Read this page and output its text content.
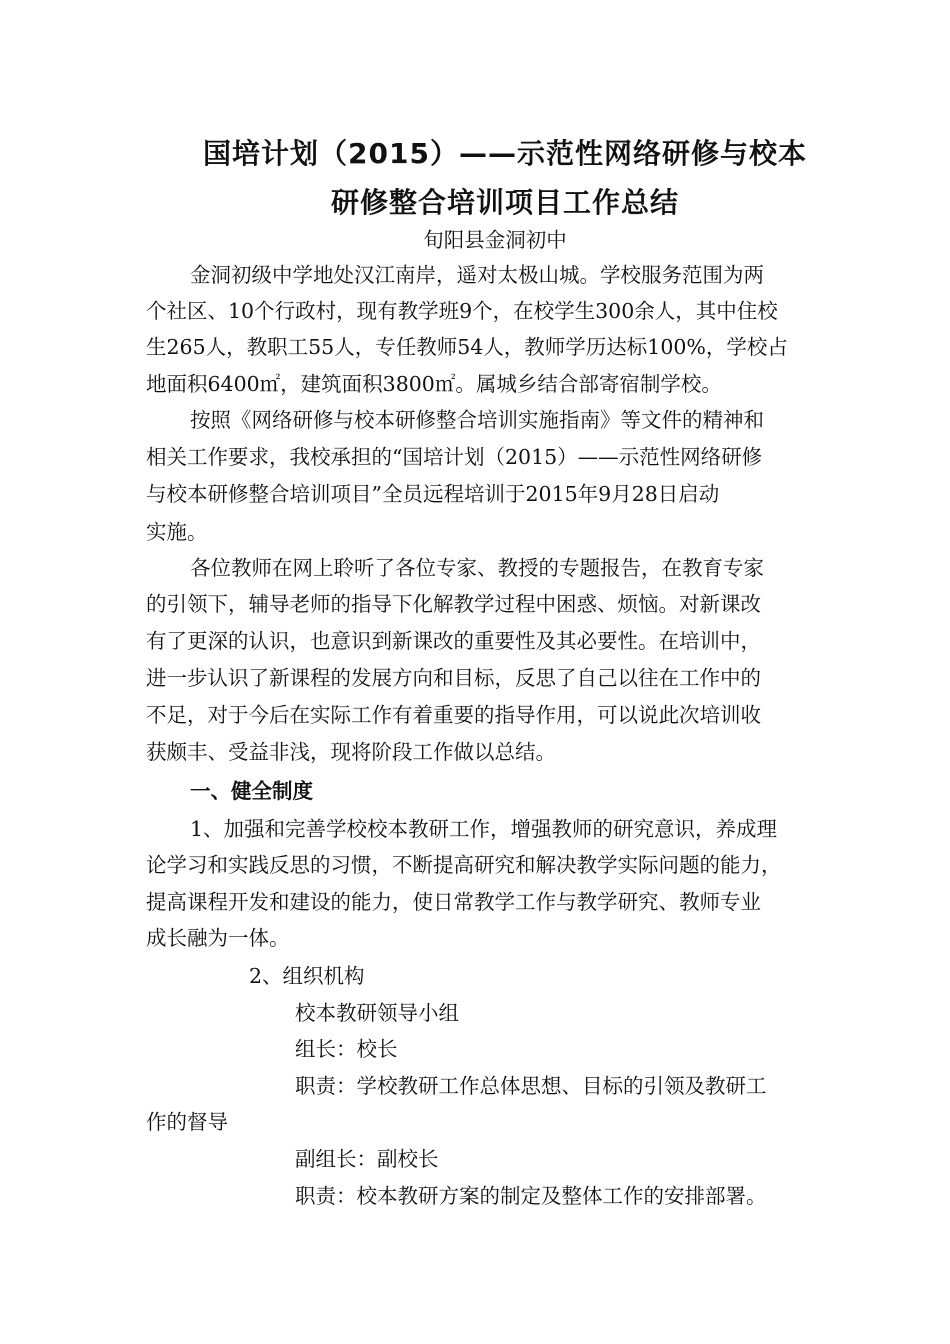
国培计划（2015）——示范性网络研修与校本
研修整合培训项目工作总结
旬阳县金洞初中
金洞初级中学地处汉江南岸，遥对太极山城。学校服务范围为两
个社区、10个行政村，现有教学班9个，在校学生300余人，其中住校
生265人，教职工55人，专任教师54人，教师学历达标100%，学校占
地面积6400㎡，建筑面积3800㎡。属城乡结合部寄宿制学校。
按照《网络研修与校本研修整合培训实施指南》等文件的精神和
相关工作要求，我校承担的“国培计划（2015）——示范性网络研修
与校本研修整合培训项目”全员远程培训于2015年9月28日启动
实施。
各位教师在网上聆听了各位专家、教授的专题报告，在教育专家
的引领下，辅导老师的指导下化解教学过程中困惑、烦恼。对新课改
有了更深的认识，也意识到新课改的重要性及其必要性。在培训中，
进一步认识了新课程的发展方向和目标，反思了自己以往在工作中的
不足，对于今后在实际工作有着重要的指导作用，可以说此次培训收
获颇丰、受益非浅，现将阶段工作做以总结。
一、健全制度
1、加强和完善学校校本教研工作，增强教师的研究意识，养成理
论学习和实践反思的习惯，不断提高研究和解决教学实际问题的能力，
提高课程开发和建设的能力，使日常教学工作与教学研究、教师专业
成长融为一体。
2、组织机构
校本教研领导小组
组长：校长
职责：学校教研工作总体思想、目标的引领及教研工
作的督导
副组长：副校长
职责：校本教研方案的制定及整体工作的安排部署。
